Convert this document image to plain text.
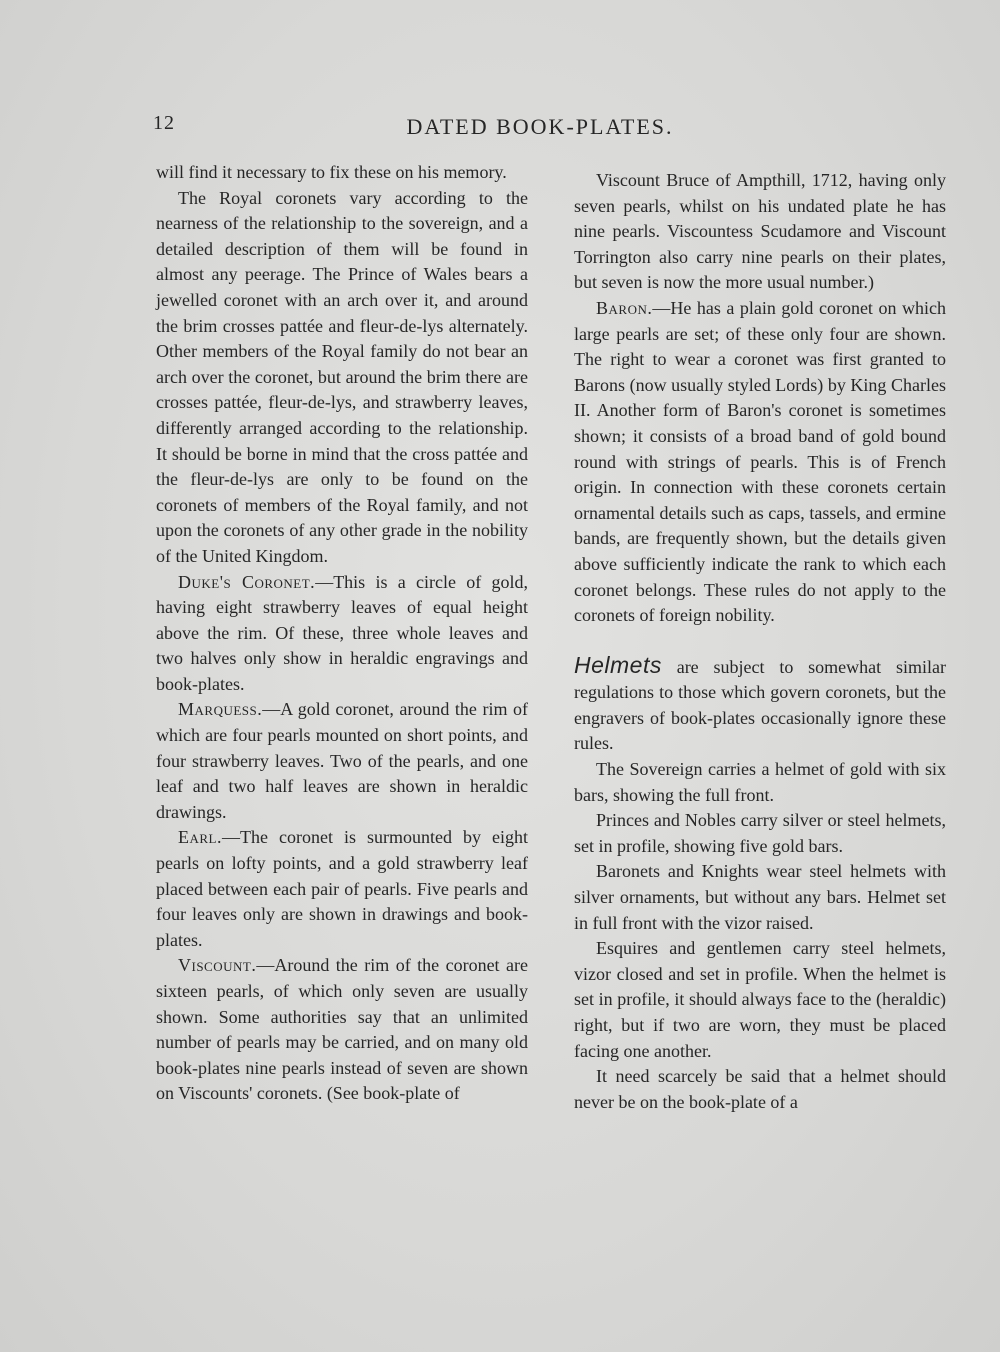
12	DATED BOOK-PLATES.

will find it necessary to fix these on his memory.

The Royal coronets vary according to the nearness of the relationship to the sovereign, and a detailed description of them will be found in almost any peerage. The Prince of Wales bears a jewelled coronet with an arch over it, and around the brim crosses pattée and fleur-de-lys alternately. Other members of the Royal family do not bear an arch over the coronet, but around the brim there are crosses pattée, fleur-de-lys, and strawberry leaves, differently arranged according to the relationship. It should be borne in mind that the cross pattée and the fleur-de-lys are only to be found on the coronets of members of the Royal family, and not upon the coronets of any other grade in the nobility of the United Kingdom.

Duke's Coronet.—This is a circle of gold, having eight strawberry leaves of equal height above the rim. Of these, three whole leaves and two halves only show in heraldic engravings and book-plates.

Marquess.—A gold coronet, around the rim of which are four pearls mounted on short points, and four strawberry leaves. Two of the pearls, and one leaf and two half leaves are shown in heraldic drawings.

Earl.—The coronet is surmounted by eight pearls on lofty points, and a gold strawberry leaf placed between each pair of pearls. Five pearls and four leaves only are shown in drawings and book-plates.

Viscount.—Around the rim of the coronet are sixteen pearls, of which only seven are usually shown. Some authorities say that an unlimited number of pearls may be carried, and on many old book-plates nine pearls instead of seven are shown on Viscounts' coronets. (See book-plate of

Viscount Bruce of Ampthill, 1712, having only seven pearls, whilst on his undated plate he has nine pearls. Viscountess Scudamore and Viscount Torrington also carry nine pearls on their plates, but seven is now the more usual number.)

Baron.—He has a plain gold coronet on which large pearls are set; of these only four are shown. The right to wear a coronet was first granted to Barons (now usually styled Lords) by King Charles II. Another form of Baron's coronet is sometimes shown; it consists of a broad band of gold bound round with strings of pearls. This is of French origin. In connection with these coronets certain ornamental details such as caps, tassels, and ermine bands, are frequently shown, but the details given above sufficiently indicate the rank to which each coronet belongs. These rules do not apply to the coronets of foreign nobility.

Helmets are subject to somewhat similar regulations to those which govern coronets, but the engravers of book-plates occasionally ignore these rules.

The Sovereign carries a helmet of gold with six bars, showing the full front.

Princes and Nobles carry silver or steel helmets, set in profile, showing five gold bars.

Baronets and Knights wear steel helmets with silver ornaments, but without any bars. Helmet set in full front with the vizor raised.

Esquires and gentlemen carry steel helmets, vizor closed and set in profile. When the helmet is set in profile, it should always face to the (heraldic) right, but if two are worn, they must be placed facing one another.

It need scarcely be said that a helmet should never be on the book-plate of a
